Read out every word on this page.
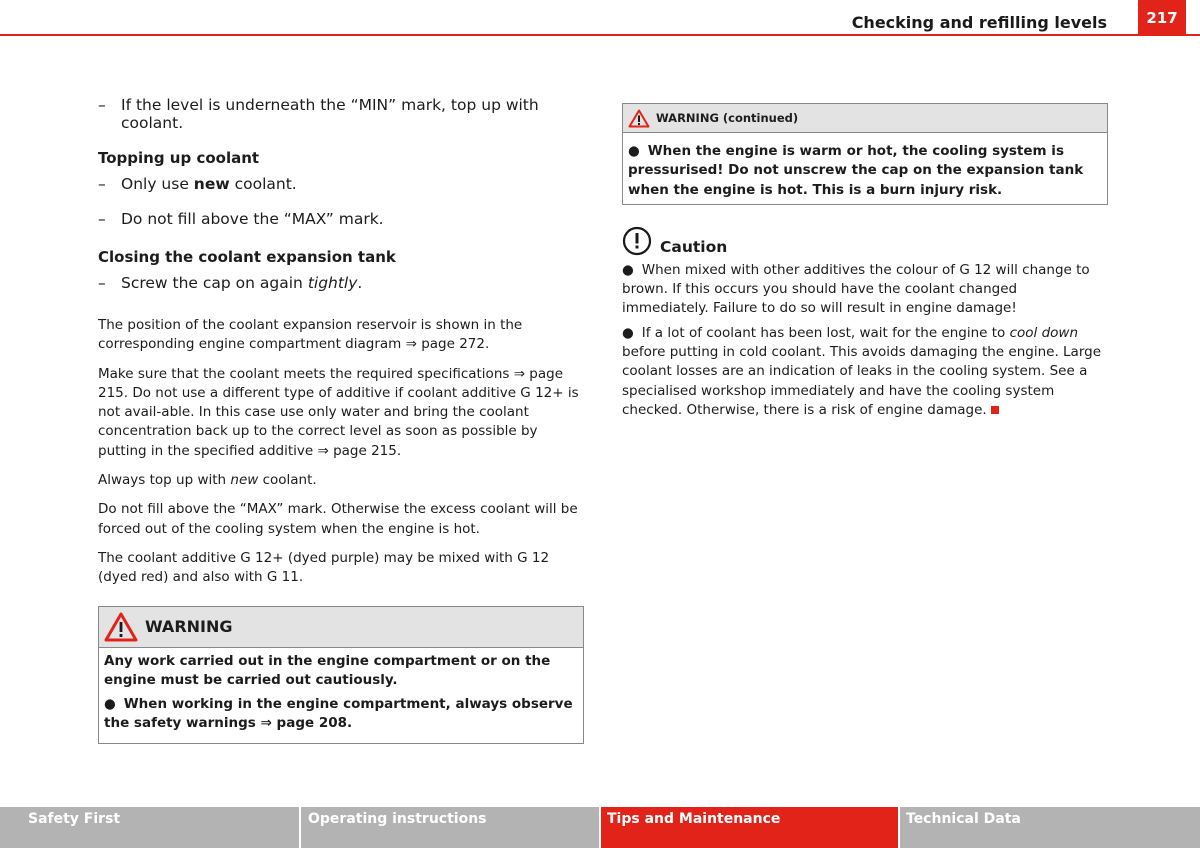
Checking and refilling levels	217
– If the level is underneath the “MIN” mark, top up with coolant.
Topping up coolant
– Only use new coolant.
– Do not fill above the “MAX” mark.
Closing the coolant expansion tank
– Screw the cap on again tightly.

The position of the coolant expansion reservoir is shown in the corresponding engine compartment diagram ⇒ page 272.

Make sure that the coolant meets the required specifications ⇒ page 215. Do not use a different type of additive if coolant additive G 12+ is not avail-able. In this case use only water and bring the coolant concentration back up to the correct level as soon as possible by putting in the specified additive ⇒ page 215.

Always top up with new coolant.

Do not fill above the “MAX” mark. Otherwise the excess coolant will be forced out of the cooling system when the engine is hot.

The coolant additive G 12+ (dyed purple) may be mixed with G 12 (dyed red) and also with G 11.

WARNING

Any work carried out in the engine compartment or on the engine must be carried out cautiously.

● When working in the engine compartment, always observe the safety warnings ⇒ page 208.

WARNING (continued)
● When the engine is warm or hot, the cooling system is pressurised! Do not unscrew the cap on the expansion tank when the engine is hot. This is a burn injury risk.
Caution

● When mixed with other additives the colour of G 12 will change to brown. If this occurs you should have the coolant changed immediately. Failure to do so will result in engine damage!

● If a lot of coolant has been lost, wait for the engine to cool down before putting in cold coolant. This avoids damaging the engine. Large coolant losses are an indication of leaks in the cooling system. See a specialised workshop immediately and have the cooling system checked. Otherwise, there is a risk of engine damage.

Safety First	Operating instructions	Tips and Maintenance	Technical Data
